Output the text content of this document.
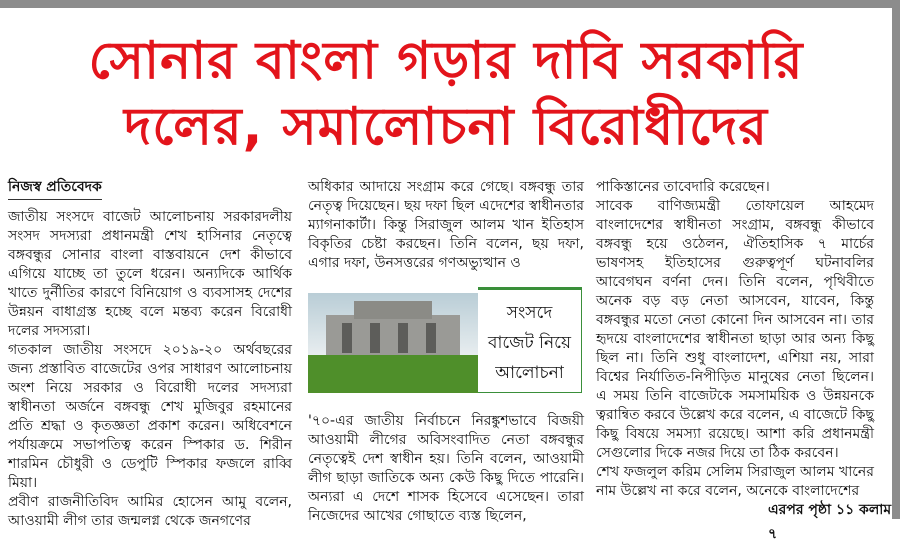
সোনার বাংলা গড়ার দাবি সরকারি
দলের, সমালোচনা বিরোধীদের
নিজস্ব প্রতিবেদক

জাতীয় সংসদে বাজেট আলোচনায় সরকারদলীয় সংসদ সদস্যরা প্রধানমন্ত্রী শেখ হাসিনার নেতৃত্বে বঙ্গবন্ধুর সোনার বাংলা বাস্তবায়নে দেশ কীভাবে এগিয়ে যাচ্ছে তা তুলে ধরেন। অন্যদিকে আর্থিক খাতে দুর্নীতির কারণে বিনিয়োগ ও ব্যবসাসহ দেশের উন্নয়ন বাধাগ্রস্ত হচ্ছে বলে মন্তব্য করেন বিরোধী দলের সদস্যরা।

গতকাল জাতীয় সংসদে ২০১৯-২০ অর্থবছরের জন্য প্রস্তাবিত বাজেটের ওপর সাধারণ আলোচনায় অংশ নিয়ে সরকার ও বিরোধী দলের সদস্যরা স্বাধীনতা অর্জনে বঙ্গবন্ধু শেখ মুজিবুর রহমানের প্রতি শ্রদ্ধা ও কৃতজ্ঞতা প্রকাশ করেন। অধিবেশনে পর্যায়ক্রমে সভাপতিত্ব করেন স্পিকার ড. শিরীন শারমিন চৌধুরী ও ডেপুটি স্পিকার ফজলে রাব্বি মিয়া।

প্রবীণ রাজনীতিবিদ আমির হোসেন আমু বলেন, আওয়ামী লীগ তার জন্মলগ্ন থেকে জনগণের

অধিকার আদায়ে সংগ্রাম করে গেছে। বঙ্গবন্ধু তার নেতৃত্ব দিয়েছেন। ছয় দফা ছিল এদেশের স্বাধীনতার ম্যাগনাকার্টা। কিন্তু সিরাজুল আলম খান ইতিহাস বিকৃতির চেষ্টা করছেন। তিনি বলেন, ছয় দফা, এগার দফা, উনসত্তরের গণঅভ্যুত্থান ও

সংসদে
বাজেট নিয়ে
আলোচনা

'৭০-এর জাতীয় নির্বাচনে নিরঙ্কুশভাবে বিজয়ী আওয়ামী লীগের অবিসংবাদিত নেতা বঙ্গবন্ধুর নেতৃত্বেই দেশ স্বাধীন হয়। তিনি বলেন, আওয়ামী লীগ ছাড়া জাতিকে অন্য কেউ কিছু দিতে পারেনি। অন্যরা এ দেশে শাসক হিসেবে এসেছেন। তারা নিজেদের আখের গোছাতে ব্যস্ত ছিলেন,

পাকিস্তানের তাবেদারি করেছেন।

সাবেক বাণিজ্যমন্ত্রী তোফায়েল আহমেদ বাংলাদেশের স্বাধীনতা সংগ্রাম, বঙ্গবন্ধু কীভাবে বঙ্গবন্ধু হয়ে ওঠেলন, ঐতিহাসিক ৭ মার্চের ভাষণসহ ইতিহাসের গুরুত্বপূর্ণ ঘটনাবলির আবেগঘন বর্ণনা দেন। তিনি বলেন, পৃথিবীতে অনেক বড় বড় নেতা আসবেন, যাবেন, কিন্তু বঙ্গবন্ধুর মতো নেতা কোনো দিন আসবেন না। তার হৃদয়ে বাংলাদেশের স্বাধীনতা ছাড়া আর অন্য কিছু ছিল না। তিনি শুধু বাংলাদেশ, এশিয়া নয়, সারা বিশ্বের নির্যাতিত-নিপীড়িত মানুষের নেতা ছিলেন। এ সময় তিনি বাজেটকে সমসাময়িক ও উন্নয়নকে ত্বরান্বিত করবে উল্লেখ করে বলেন, এ বাজেটে কিছু কিছু বিষয়ে সমস্যা রয়েছে। আশা করি প্রধানমন্ত্রী সেগুলোর দিকে নজর দিয়ে তা ঠিক করবেন।

শেখ ফজলুল করিম সেলিম সিরাজুল আলম খানের নাম উল্লেখ না করে বলেন, অনেকে বাংলাদেশের

এরপর পৃষ্ঠা ১১ কলাম ৭
